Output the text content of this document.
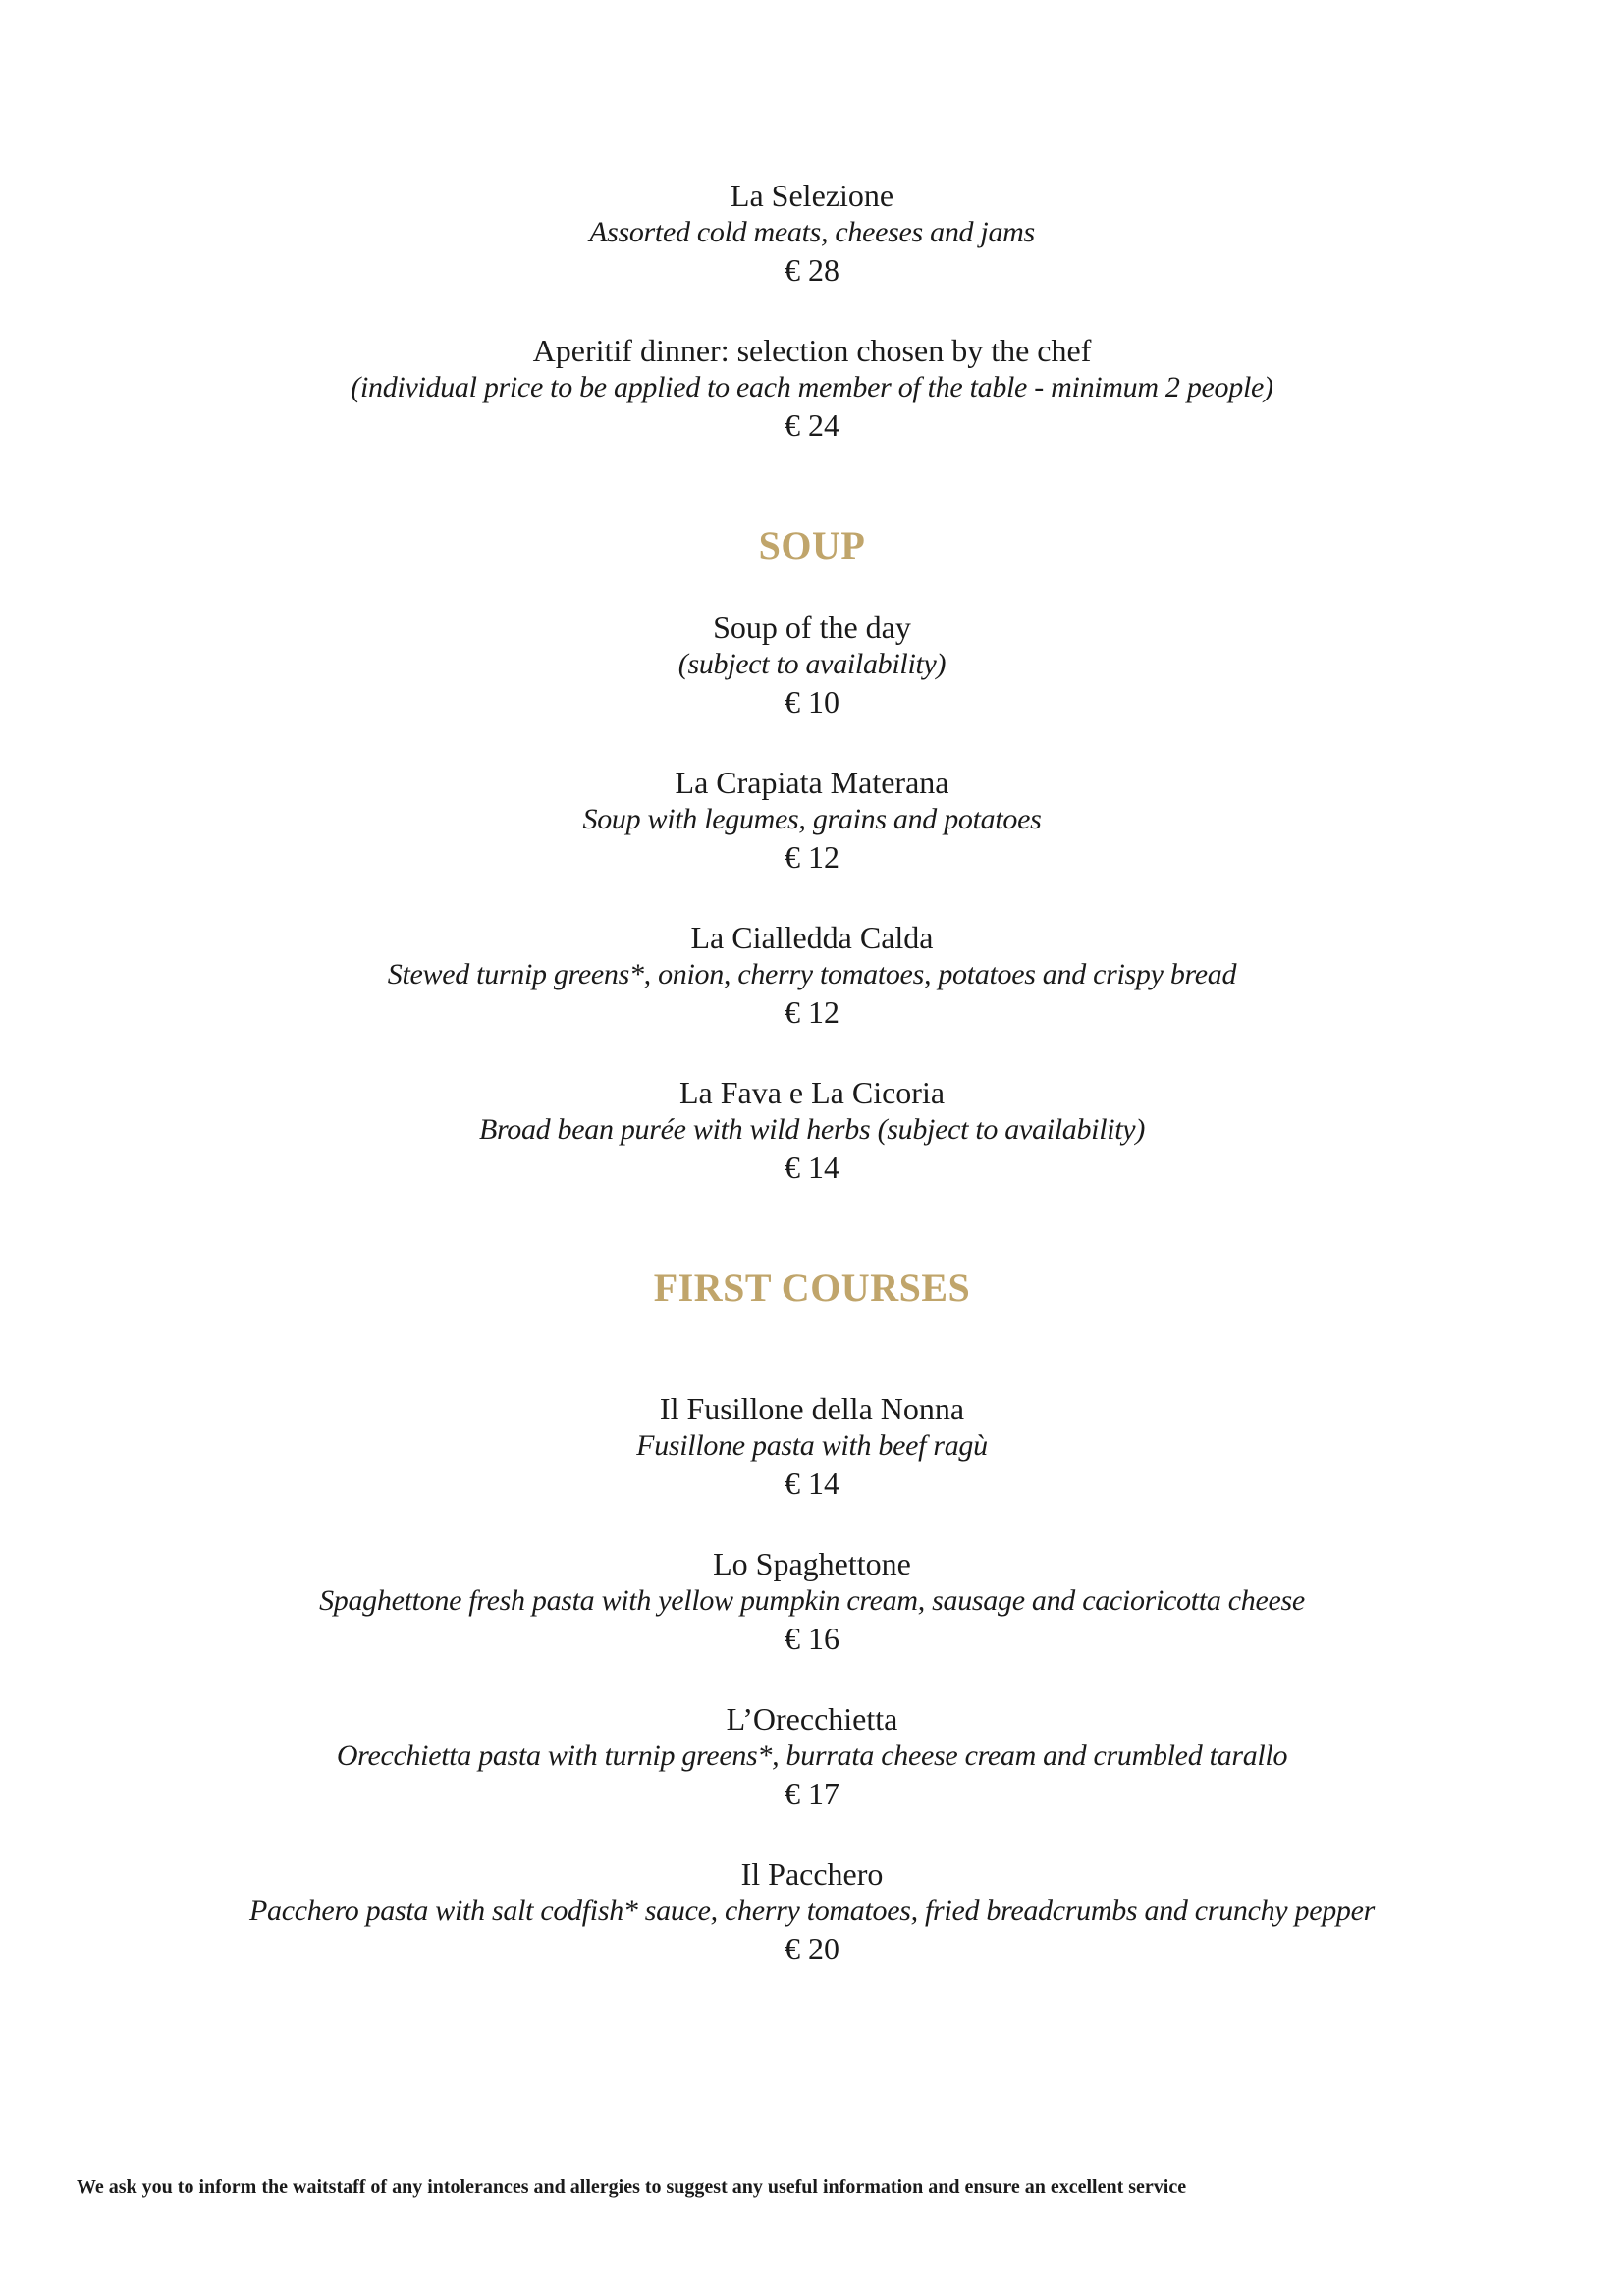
La Selezione
Assorted cold meats, cheeses and jams
€ 28
Aperitif dinner: selection chosen by the chef
(individual price to be applied to each member of the table - minimum 2 people)
€ 24
SOUP
Soup of the day
(subject to availability)
€ 10
La Crapiata Materana
Soup with legumes, grains and potatoes
€ 12
La Cialledda Calda
Stewed turnip greens*, onion, cherry tomatoes, potatoes and crispy bread
€ 12
La Fava e La Cicoria
Broad bean purée with wild herbs (subject to availability)
€ 14
FIRST COURSES
Il Fusillone della Nonna
Fusillone pasta with beef ragù
€ 14
Lo Spaghettone
Spaghettone fresh pasta with yellow pumpkin cream, sausage and cacioricotta cheese
€ 16
L’Orecchietta
Orecchietta pasta with turnip greens*, burrata cheese cream and crumbled tarallo
€ 17
Il Pacchero
Pacchero pasta with salt codfish* sauce, cherry tomatoes, fried breadcrumbs and crunchy pepper
€ 20
We ask you to inform the waitstaff of any intolerances and allergies to suggest any useful information and ensure an excellent service
